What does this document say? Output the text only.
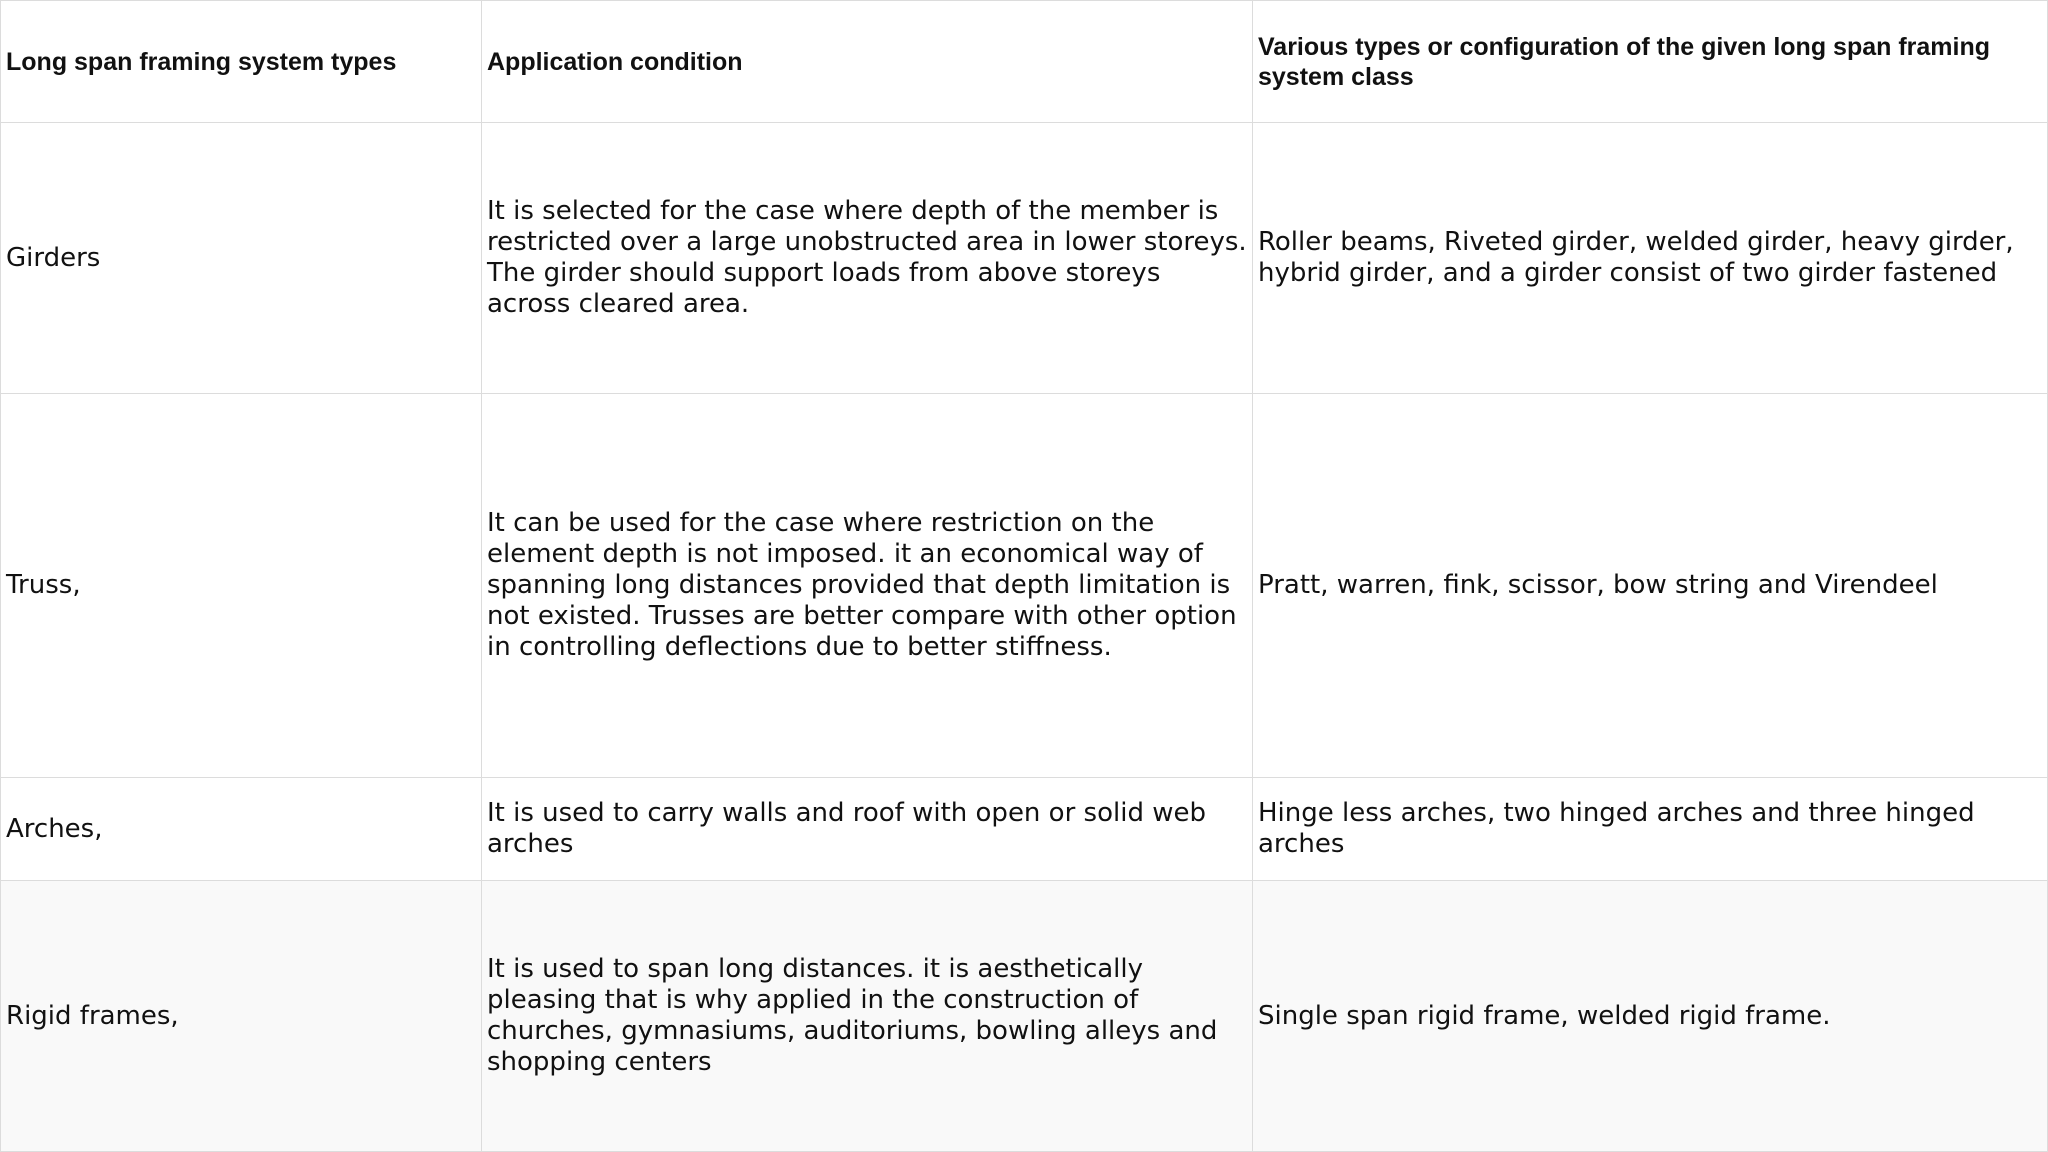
Long span framing system types	Application condition
Various types or configuration of the given long span framing system class
Girders
It is selected for the case where depth of the member is restricted over a large unobstructed area in lower storeys. The girder should support loads from above storeys across cleared area.
Roller beams, Riveted girder, welded girder, heavy girder, hybrid girder, and a girder consist of two girder fastened
Truss,
It can be used for the case where restriction on the element depth is not imposed. it an economical way of spanning long distances provided that depth limitation is not existed. Trusses are better compare with other option in controlling deflections due to better stiffness.
Pratt, warren, fink, scissor, bow string and Virendeel
Arches,
It is used to carry walls and roof with open or solid web arches
Hinge less arches, two hinged arches and three hinged arches
Rigid frames,
It is used to span long distances. it is aesthetically pleasing that is why applied in the construction of churches, gymnasiums, auditoriums, bowling alleys and shopping centers
Single span rigid frame, welded rigid frame.
